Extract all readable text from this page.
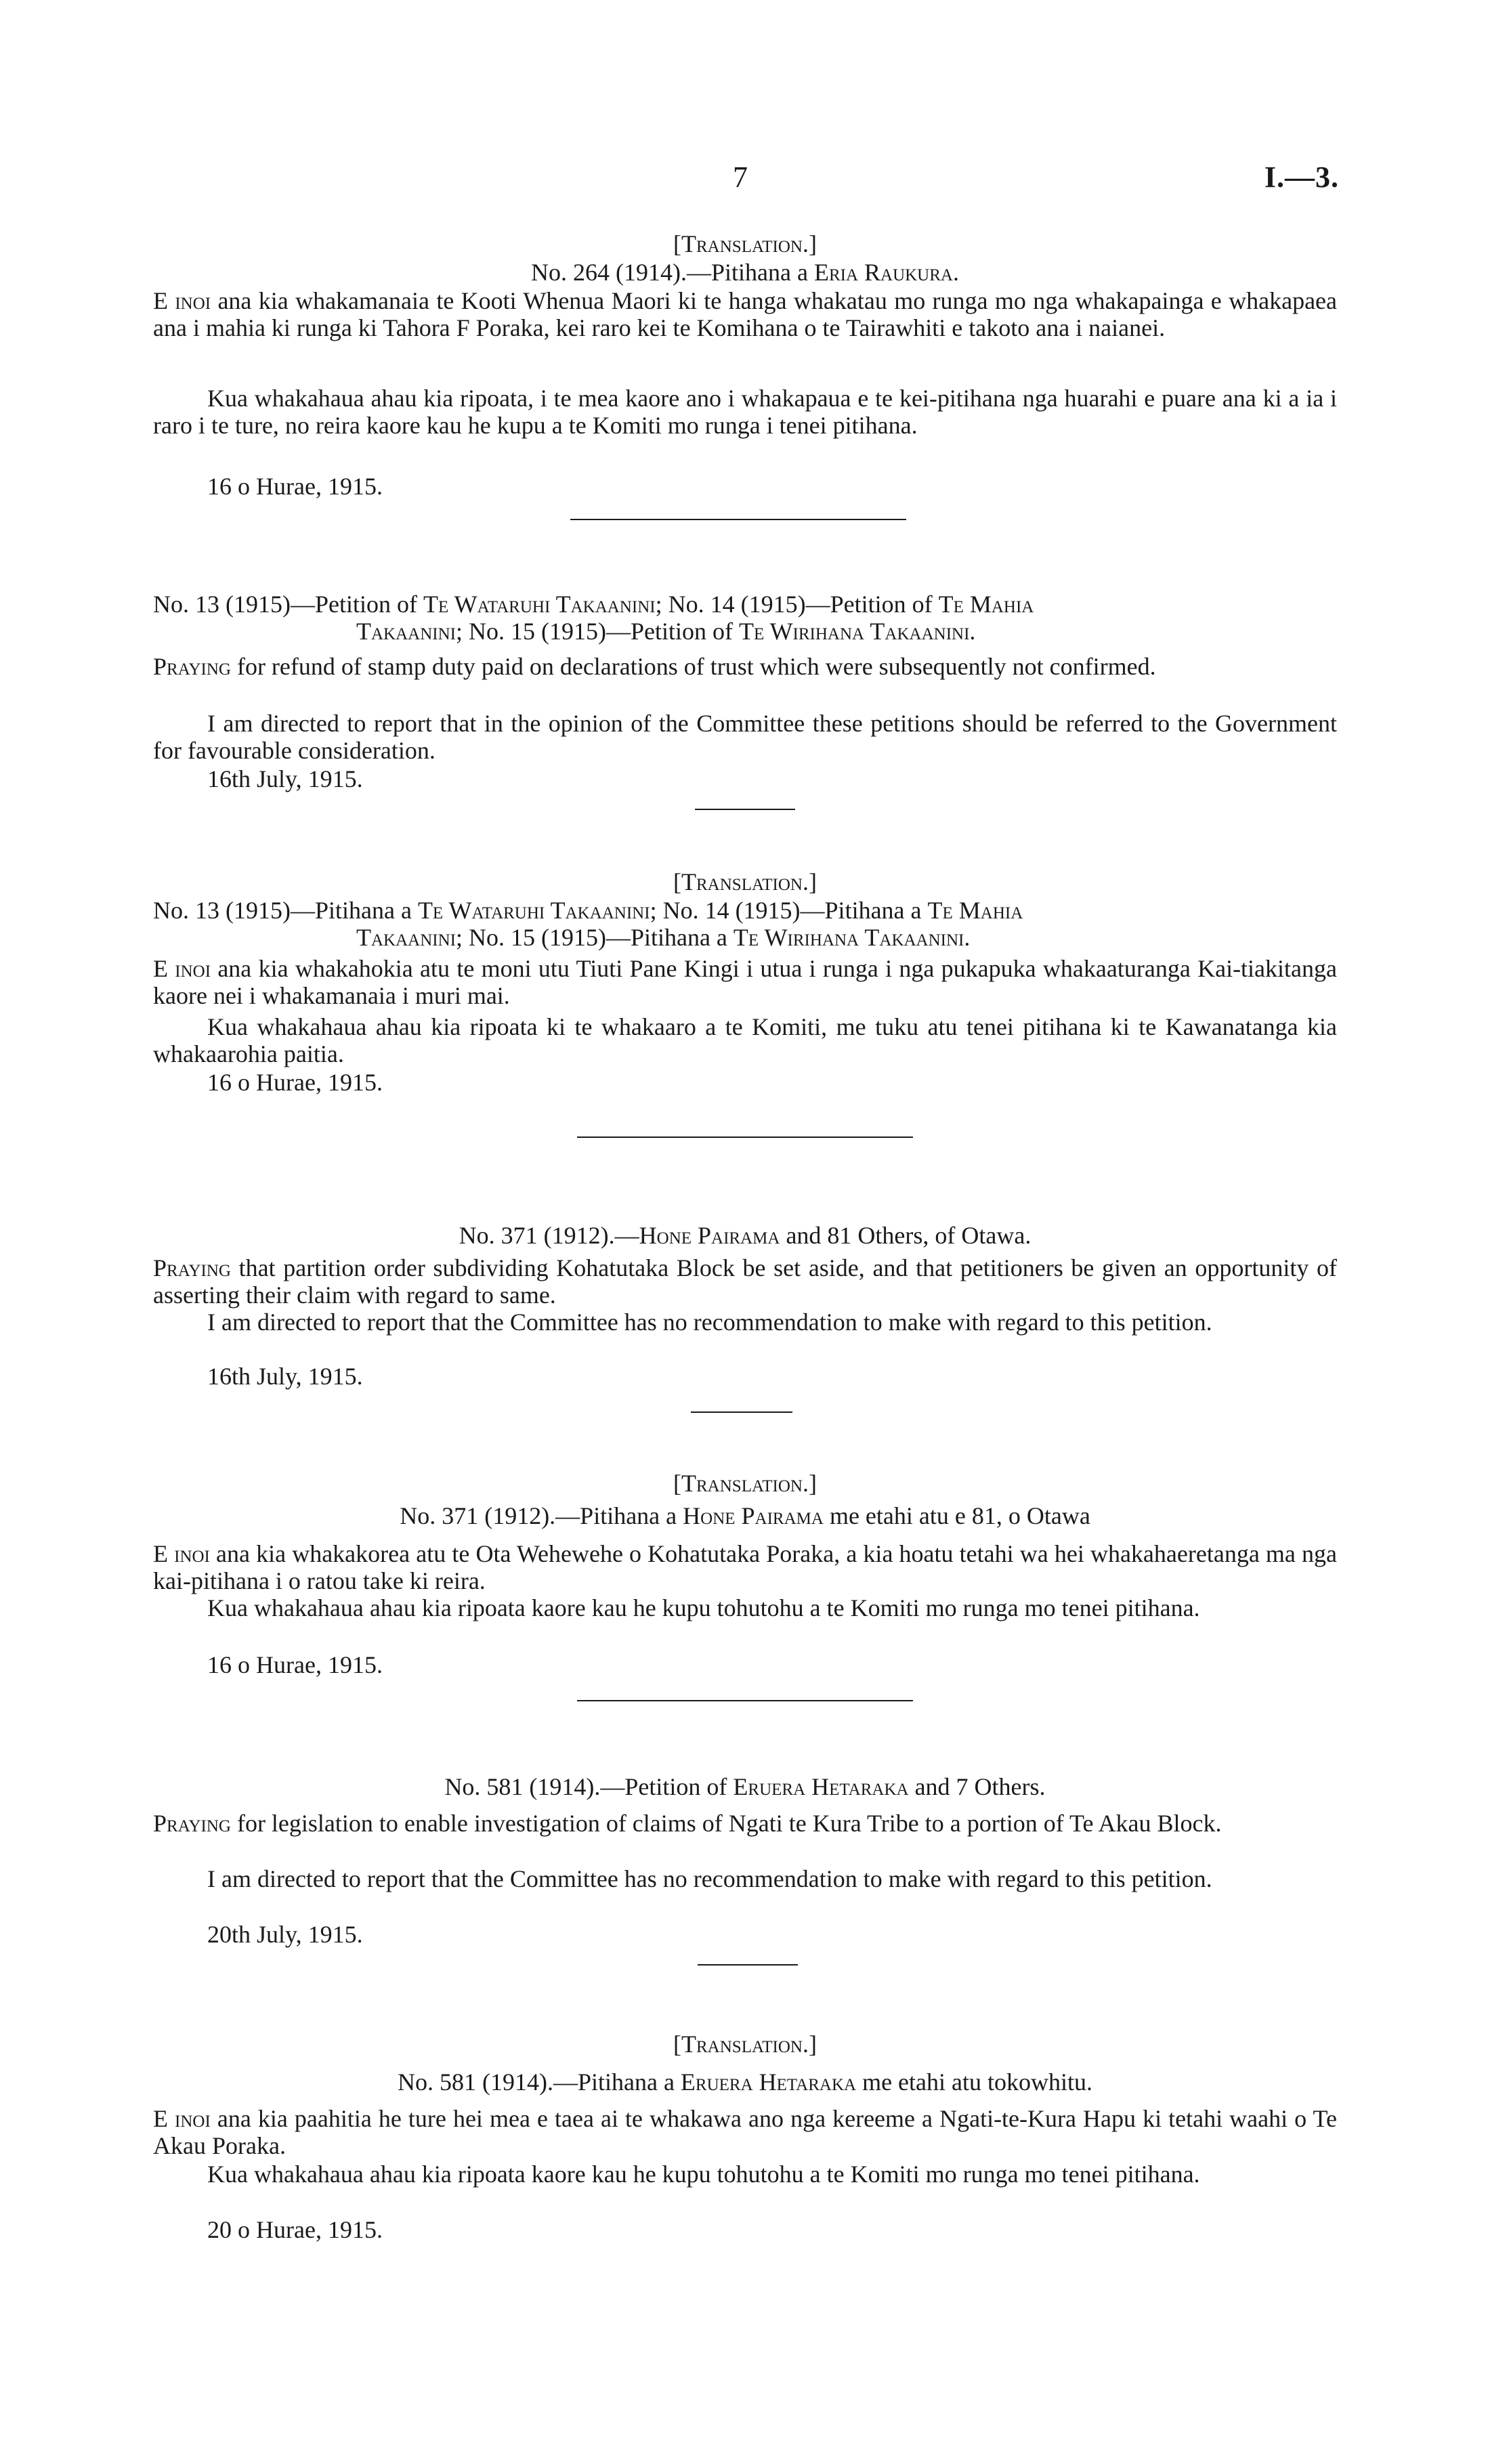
7	I.—3.
[Translation.]
No. 264 (1914).—Pitihana a Eria Raukura.
E inoi ana kia whakamanaia te Kooti Whenua Maori ki te hanga whakatau mo runga mo nga whakapainga e whakapaea ana i mahia ki runga ki Tahora F Poraka, kei raro kei te Komihana o te Tairawhiti e takoto ana i naianei.
Kua whakahaua ahau kia ripoata, i te mea kaore ano i whakapaua e te kei-pitihana nga huarahi e puare ana ki a ia i raro i te ture, no reira kaore kau he kupu a te Komiti mo runga i tenei pitihana.
16 o Hurae, 1915.
No. 13 (1915)—Petition of Te Wataruhi Takaanini; No. 14 (1915)—Petition of Te Mahia
Takaanini; No. 15 (1915)—Petition of Te Wirihana Takaanini.
Praying for refund of stamp duty paid on declarations of trust which were subsequently not confirmed.
I am directed to report that in the opinion of the Committee these petitions should be referred to the Government for favourable consideration.
16th July, 1915.
[Translation.]
No. 13 (1915)—Pitihana a Te Wataruhi Takaanini; No. 14 (1915)—Pitihana a Te Mahia
Takaanini; No. 15 (1915)—Pitihana a Te Wirihana Takaanini.
E inoi ana kia whakahokia atu te moni utu Tiuti Pane Kingi i utua i runga i nga pukapuka whakaaturanga Kai-tiakitanga kaore nei i whakamanaia i muri mai.
Kua whakahaua ahau kia ripoata ki te whakaaro a te Komiti, me tuku atu tenei pitihana ki te Kawanatanga kia whakaarohia paitia.
16 o Hurae, 1915.
No. 371 (1912).—Hone Pairama and 81 Others, of Otawa.
Praying that partition order subdividing Kohatutaka Block be set aside, and that petitioners be given an opportunity of asserting their claim with regard to same.
I am directed to report that the Committee has no recommendation to make with regard to this petition.
16th July, 1915.
[Translation.]
No. 371 (1912).—Pitihana a Hone Pairama me etahi atu e 81, o Otawa
E inoi ana kia whakakorea atu te Ota Wehewehe o Kohatutaka Poraka, a kia hoatu tetahi wa hei whakahaeretanga ma nga kai-pitihana i o ratou take ki reira.
Kua whakahaua ahau kia ripoata kaore kau he kupu tohutohu a te Komiti mo runga mo tenei pitihana.
16 o Hurae, 1915.
No. 581 (1914).—Petition of Eruera Hetaraka and 7 Others.
Praying for legislation to enable investigation of claims of Ngati te Kura Tribe to a portion of Te Akau Block.
I am directed to report that the Committee has no recommendation to make with regard to this petition.
20th July, 1915.
[Translation.]
No. 581 (1914).—Pitihana a Eruera Hetaraka me etahi atu tokowhitu.
E inoi ana kia paahitia he ture hei mea e taea ai te whakawa ano nga kereeme a Ngati-te-Kura Hapu ki tetahi waahi o Te Akau Poraka.
Kua whakahaua ahau kia ripoata kaore kau he kupu tohutohu a te Komiti mo runga mo tenei pitihana.
20 o Hurae, 1915.
